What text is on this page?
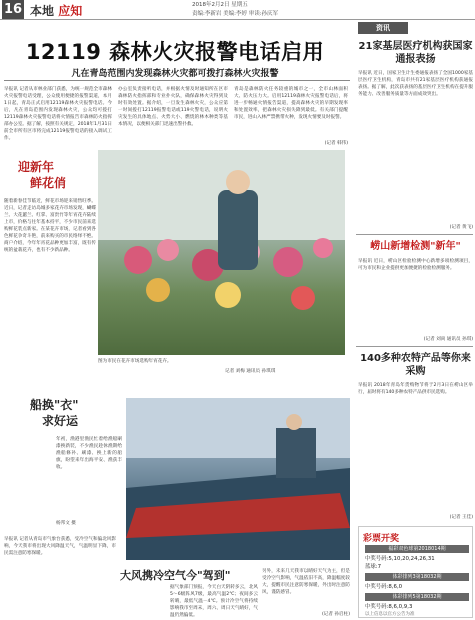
16 本地 应知	2018年2月2日 星期五
责编:李新岩 美编:李婷 审读:孙庆军
12119 森林火灾报警电话启用
凡在青岛范围内发现森林火灾都可拨打森林火灾报警
早报讯 记者从市林业部门获悉，为统一规范全市森林火灾报警电话受理，公众使用便捷的报警渠道，本月1日起，青岛正式启用12119森林火灾报警电话。今后，凡在青岛范围内发现森林火灾，公众均可拨打12119森林火灾报警电话将火情报告市森林防火指挥部办公室。据了解，按照有关规定，2018年1月31日前全市所有区市将完成12119报警电话的接入调试工作。
办公室负责接听电话，并根据火情及时通知所在区市森林防火指挥部和专业扑火队，确保森林火灾得到及时有效处置。据介绍，一旦发生森林火灾，公众应第一时间拨打12119报警电话或119火警电话，说明火灾发生的具体地点、火势大小、燃烧的林木种类等基本情况，以便相关部门迅速出警扑救。
青岛是森林防火任务较重的城市之一，全市山林面积大、防火压力大。启用12119森林火灾报警电话后，将进一步畅通火情报告渠道，提高森林火灾的早期发现率和处置效率，把森林火灾损失降到最低。有关部门提醒市民，进山入林严禁携带火种，发现火情要及时报警。
(记者 韩伟)
迎新年
鲜花俏
随着新春佳节临近，鲜花市场迎来销售旺季。近日，记者走访岛城多家花卉市场发现，蝴蝶兰、大花蕙兰、红掌、富贵竹等年宵花卉陆续上市，价格与往年基本持平，不少市民前来选购鲜花装点新家。在某花卉市场，记者看到各色鲜花争奇斗艳，前来购买的市民络绎不绝。商户介绍，今年年宵花品种更加丰富，既有传统的盆栽花卉，也有不少新品种。
图为市民在花卉市场选购年宵花卉。
记者 刘梅 通讯员 孙琪琪
船换"衣"
求好运
年初，渔港里渔民忙着给渔船刷漆换新装，不少渔民趁休渔期给渔船修补、刷漆、换上新的船旗，盼望来年出海平安、渔获丰收。
杨邦文 摄
大风携冷空气今"驾到"
早报讯 记者从青岛市气象台获悉，受冷空气和偏北风影响，今天我市将出现大风降温天气，气温明显下降，市民需注意防寒保暖。
据气象部门预报，今天白天阴转多云，北风5～6级阵风7级，最高气温2℃；夜间多云转晴，最低气温－4℃。预计冷空气将持续影响我市至周末，周六、周日天气晴好，气温仍然偏低。
另外，未来几天我市以晴好天气为主，但是受冷空气影响，气温依旧不高，降温幅度较大，提醒市民注意防寒保暖，外出时注意防风，谨防感冒。
(记者 孙启柱)
资讯
21家基层医疗机构获国家通报表扬
早报讯 近日，国家卫生计生委通报表扬了全国1000家基层医疗卫生机构，青岛市共有21家基层医疗机构获通报表扬。据了解，此次获表扬的基层医疗卫生机构在提升服务能力、改善服务质量等方面成效突出。
(记者 黄飞)
崂山新增检测"新年"
早报讯 近日，崂山区检验检测中心新增多项检测项目，可为市民和企业提供更加便捷的检验检测服务。
(记者 刘尚 通讯员 孙琪)
140多种农特产品等你来采购
早报讯 2018年青岛年货购物节将于2月3日在崂山区举行，届时将有140多种农特产品供市民选购。
(记者 王佳)
彩票开奖
福彩双色球第2018014期
中奖号码:5,10,20,24,26,31
蓝球:7
体彩排列3第18032期
中奖号码:8,6,0
体彩排列5第18032期
中奖号码:8,6,0,9,3
以上信息以官方公告为准
